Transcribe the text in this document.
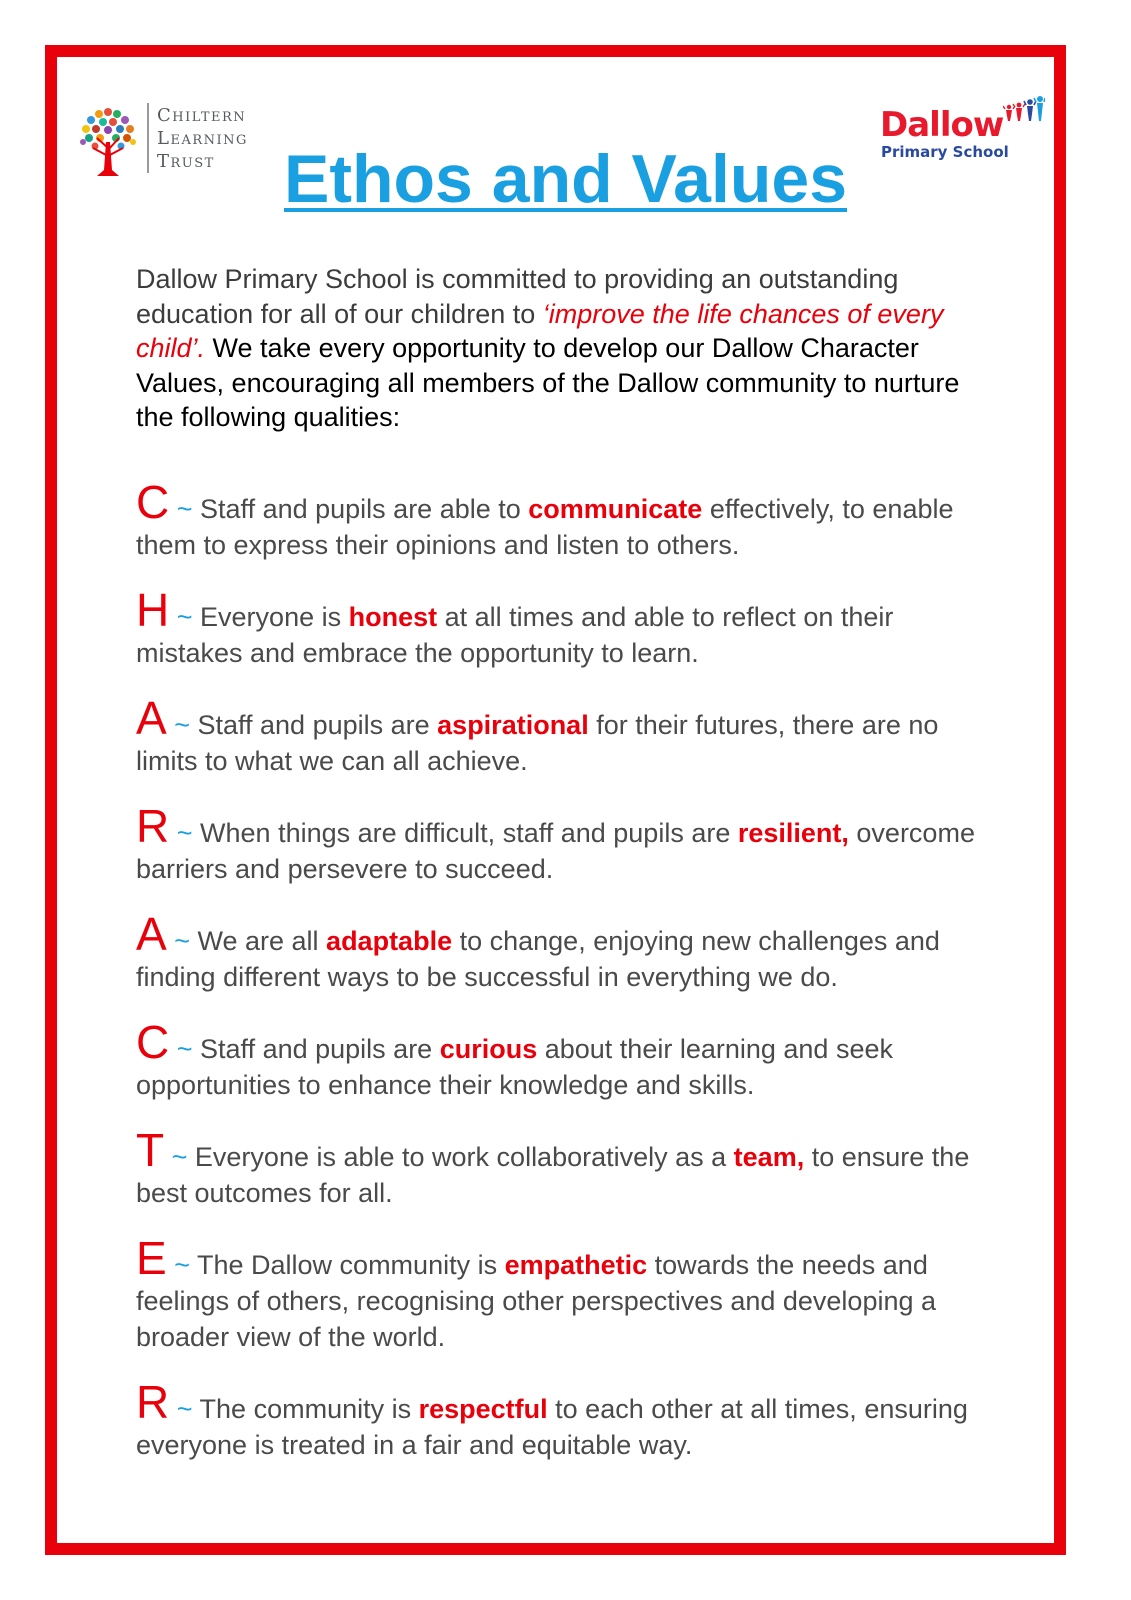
Chiltern
Learning
Trust
Dallow
Primary School
Ethos and Values

Dallow Primary School is committed to providing an outstanding education for all of our children to ‘improve the life chances of every child’. We take every opportunity to develop our Dallow Character Values, encouraging all members of the Dallow community to nurture the following qualities:

C ~ Staff and pupils are able to communicate effectively, to enable them to express their opinions and listen to others.
H ~ Everyone is honest at all times and able to reflect on their mistakes and embrace the opportunity to learn.
A ~ Staff and pupils are aspirational for their futures, there are no limits to what we can all achieve.
R ~ When things are difficult, staff and pupils are resilient, overcome barriers and persevere to succeed.
A ~ We are all adaptable to change, enjoying new challenges and finding different ways to be successful in everything we do.
C ~ Staff and pupils are curious about their learning and seek opportunities to enhance their knowledge and skills.
T ~ Everyone is able to work collaboratively as a team, to ensure the best outcomes for all.
E ~ The Dallow community is empathetic towards the needs and feelings of others, recognising other perspectives and developing a broader view of the world.
R ~ The community is respectful to each other at all times, ensuring everyone is treated in a fair and equitable way.
